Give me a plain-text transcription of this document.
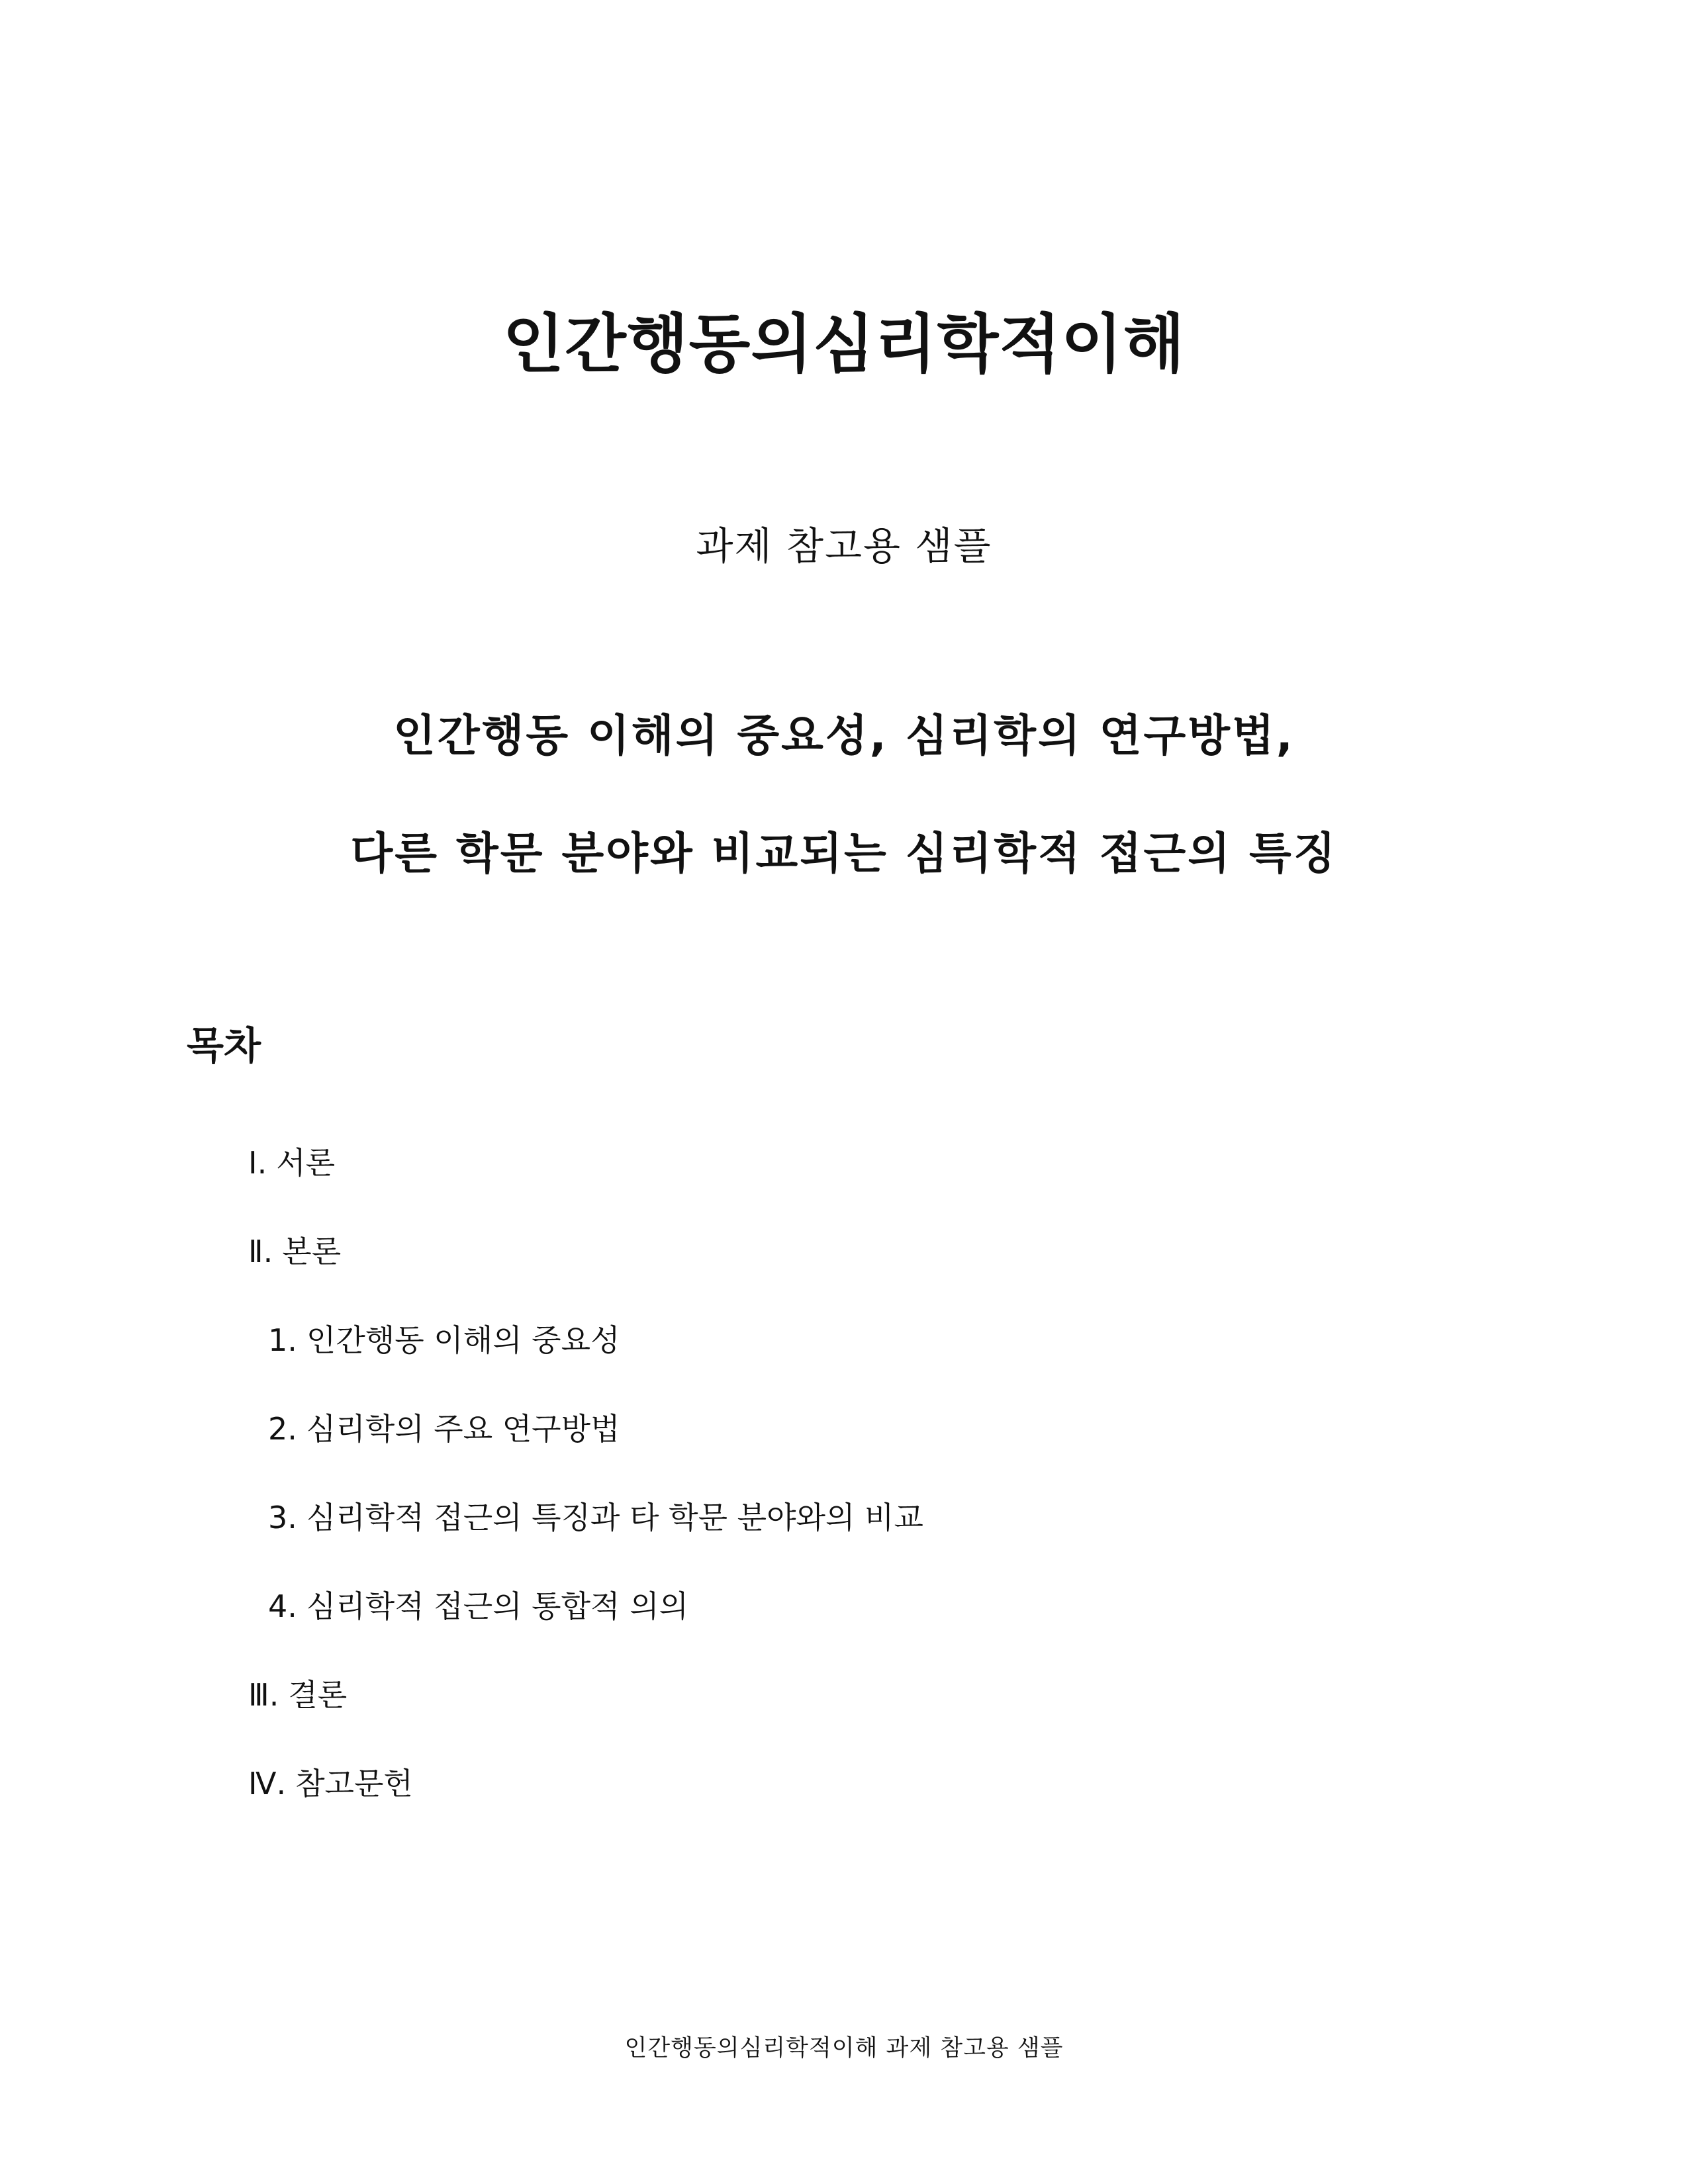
인간행동의심리학적이해
과제 참고용 샘플
인간행동 이해의 중요성, 심리학의 연구방법,
다른 학문 분야와 비교되는 심리학적 접근의 특징
목차
Ⅰ. 서론
Ⅱ. 본론
1. 인간행동 이해의 중요성
2. 심리학의 주요 연구방법
3. 심리학적 접근의 특징과 타 학문 분야와의 비교
4. 심리학적 접근의 통합적 의의
Ⅲ. 결론
Ⅳ. 참고문헌
인간행동의심리학적이해 과제 참고용 샘플
